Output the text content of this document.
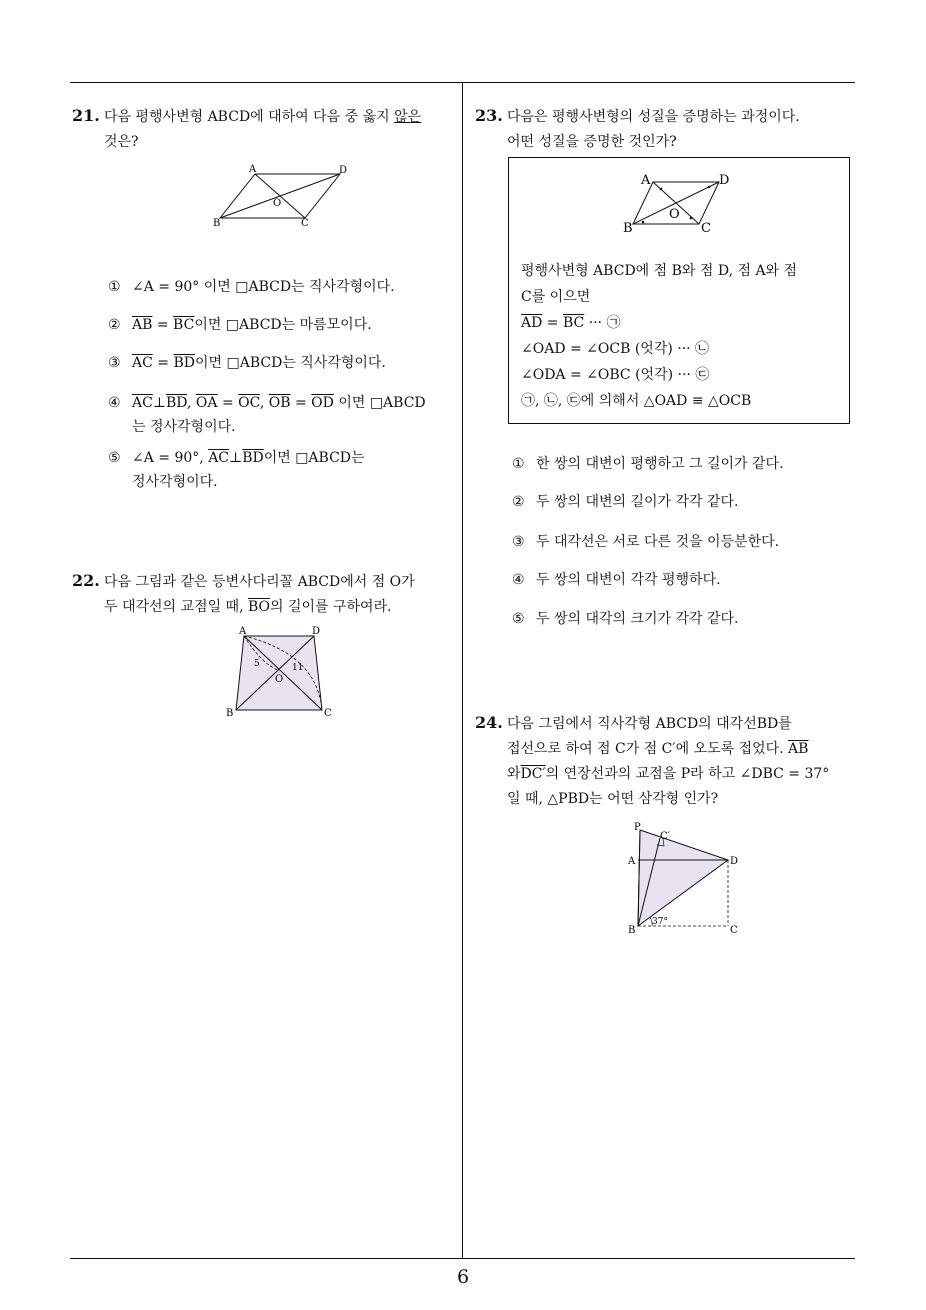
6
21. 다음 평행사변형 ABCD에 대하여 다음 중 옳지 않은
것은?
A	D
B	C
O
① ∠A = 90° 이면 □ABCD는 직사각형이다.
② $\overline{AB} = \overline{BC}$이면 □ABCD는 마름모이다.
③ $\overline{AC} = \overline{BD}$이면 □ABCD는 직사각형이다.
④ $\overline{AC}\perp\overline{BD}$, $\overline{OA} = \overline{OC}$, $\overline{OB} = \overline{OD}$ 이면 □ABCD
는 정사각형이다.
⑤ ∠A = 90°, $\overline{AC}\perp\overline{BD}$이면 □ABCD는
정사각형이다.
22. 다음 그림과 같은 등변사다리꼴 ABCD에서 점 O가
두 대각선의 교점일 때, $\overline{BO}$의 길이를 구하여라.
A	D
B	C
O
5	11
23. 다음은 평행사변형의 성질을 증명하는 과정이다.
어떤 성질을 증명한 것인가?
A	D
B	C
O
평행사변형 ABCD에 점 B와 점 D, 점 A와 점
C를 이으면
$\overline{AD} = \overline{BC}$ ··· ㉠
∠OAD = ∠OCB (엇각) ··· ㉡
∠ODA = ∠OBC (엇각) ··· ㉢
㉠, ㉡, ㉢에 의해서 △OAD ≡ △OCB
① 한 쌍의 대변이 평행하고 그 길이가 같다.
② 두 쌍의 대변의 길이가 각각 같다.
③ 두 대각선은 서로 다른 것을 이등분한다.
④ 두 쌍의 대변이 각각 평행하다.
⑤ 두 쌍의 대각의 크기가 각각 같다.
24. 다음 그림에서 직사각형 ABCD의 대각선BD를
접선으로 하여 점 C가 점 C′에 오도록 접었다. $\overline{AB}$
와DC′의 연장선과의 교점을 P라 하고 ∠DBC = 37°
일 때, △PBD는 어떤 삼각형 인가?
P
C′
A	D
B	C
37°
